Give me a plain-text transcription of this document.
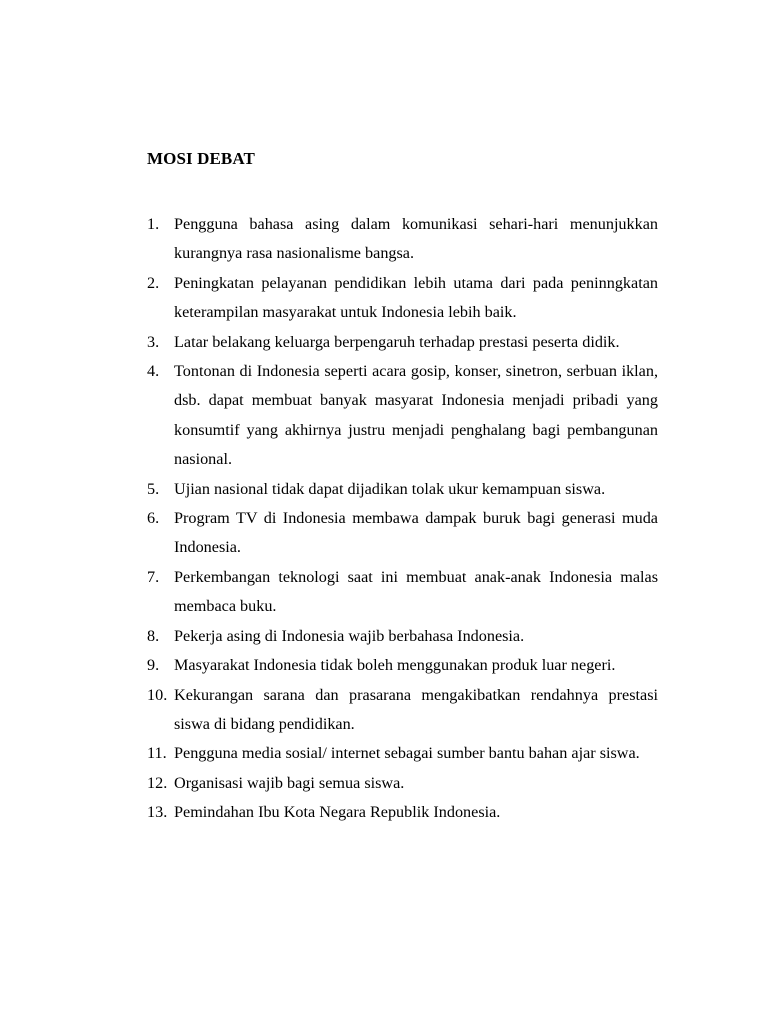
MOSI DEBAT
1. Pengguna bahasa asing dalam komunikasi sehari-hari menunjukkan kurangnya rasa nasionalisme bangsa.
2. Peningkatan pelayanan pendidikan lebih utama dari pada peninngkatan keterampilan masyarakat untuk Indonesia lebih baik.
3. Latar belakang keluarga berpengaruh terhadap prestasi peserta didik.
4. Tontonan di Indonesia seperti acara gosip, konser, sinetron, serbuan iklan, dsb. dapat membuat banyak masyarat Indonesia menjadi pribadi yang konsumtif yang akhirnya justru menjadi penghalang bagi pembangunan nasional.
5. Ujian nasional tidak dapat dijadikan tolak ukur kemampuan siswa.
6. Program TV di Indonesia membawa dampak buruk bagi generasi muda Indonesia.
7. Perkembangan teknologi saat ini membuat anak-anak Indonesia malas membaca buku.
8. Pekerja asing di Indonesia wajib berbahasa Indonesia.
9. Masyarakat Indonesia tidak boleh menggunakan produk luar negeri.
10. Kekurangan sarana dan prasarana mengakibatkan rendahnya prestasi siswa di bidang pendidikan.
11. Pengguna media sosial/ internet sebagai sumber bantu bahan ajar siswa.
12. Organisasi wajib bagi semua siswa.
13. Pemindahan Ibu Kota Negara Republik Indonesia.
